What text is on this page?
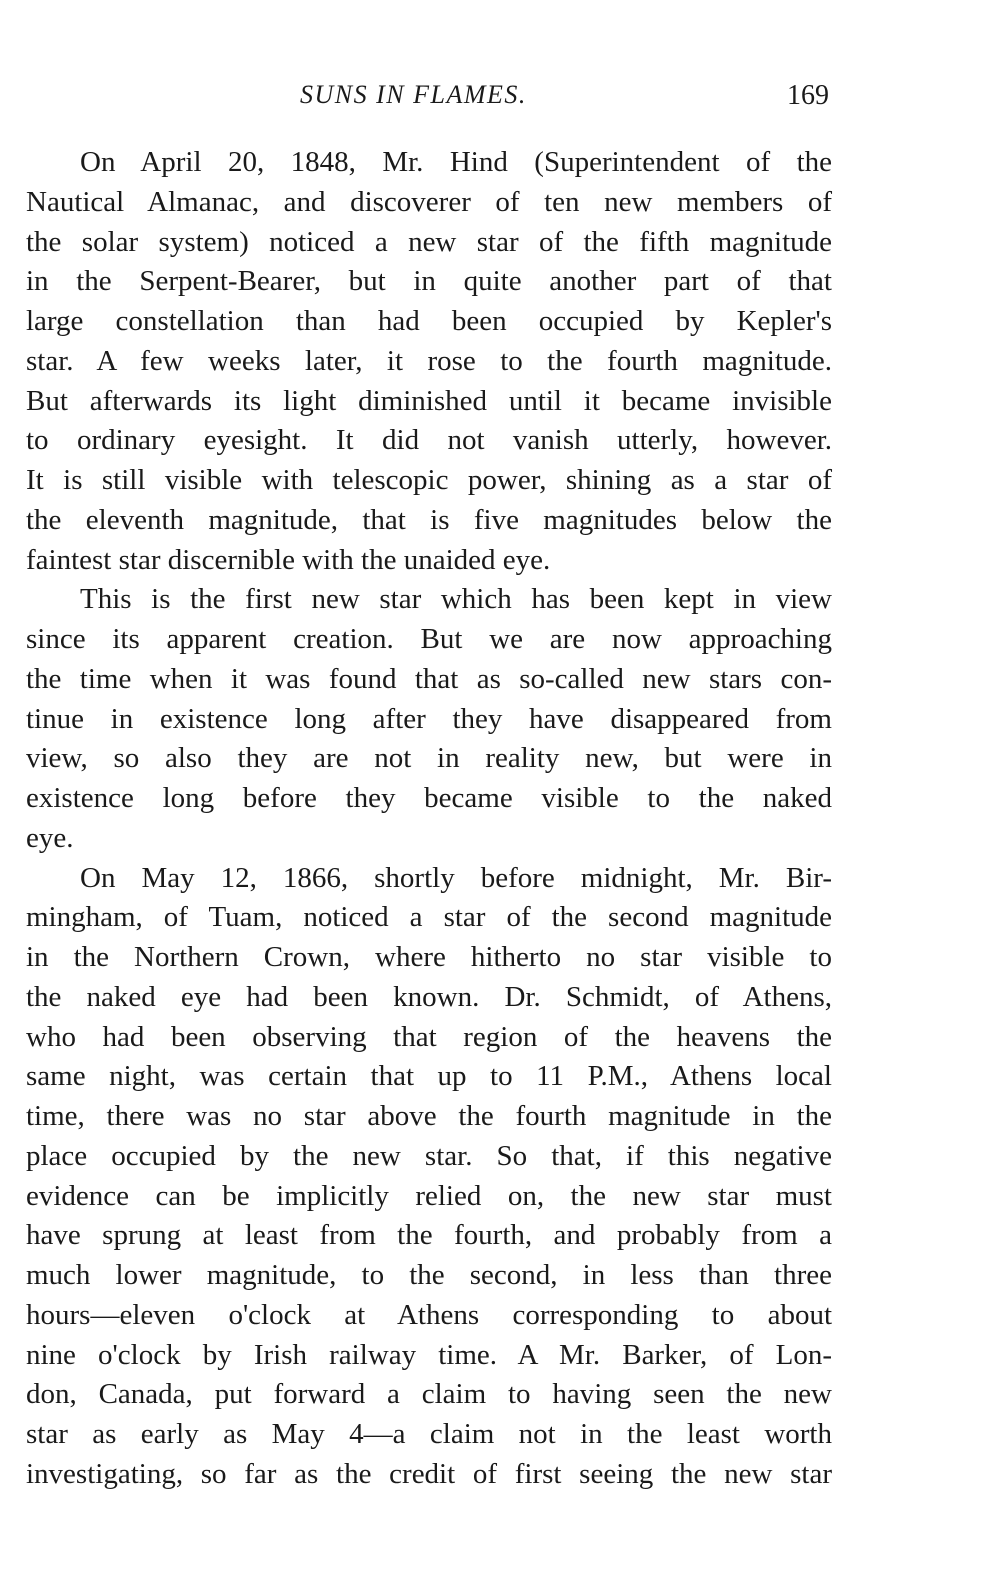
SUNS IN FLAMES.	169
On April 20, 1848, Mr. Hind (Superintendent of the
Nautical Almanac, and discoverer of ten new members of
the solar system) noticed a new star of the fifth magnitude
in the Serpent-Bearer, but in quite another part of that
large constellation than had been occupied by Kepler's
star. A few weeks later, it rose to the fourth magnitude.
But afterwards its light diminished until it became invisible
to ordinary eyesight. It did not vanish utterly, however.
It is still visible with telescopic power, shining as a star of
the eleventh magnitude, that is five magnitudes below the
faintest star discernible with the unaided eye.
This is the first new star which has been kept in view
since its apparent creation. But we are now approaching
the time when it was found that as so-called new stars con-
tinue in existence long after they have disappeared from
view, so also they are not in reality new, but were in
existence long before they became visible to the naked
eye.
On May 12, 1866, shortly before midnight, Mr. Bir-
mingham, of Tuam, noticed a star of the second magnitude
in the Northern Crown, where hitherto no star visible to
the naked eye had been known. Dr. Schmidt, of Athens,
who had been observing that region of the heavens the
same night, was certain that up to 11 P.M., Athens local
time, there was no star above the fourth magnitude in the
place occupied by the new star. So that, if this negative
evidence can be implicitly relied on, the new star must
have sprung at least from the fourth, and probably from a
much lower magnitude, to the second, in less than three
hours—eleven o'clock at Athens corresponding to about
nine o'clock by Irish railway time. A Mr. Barker, of Lon-
don, Canada, put forward a claim to having seen the new
star as early as May 4—a claim not in the least worth
investigating, so far as the credit of first seeing the new star
